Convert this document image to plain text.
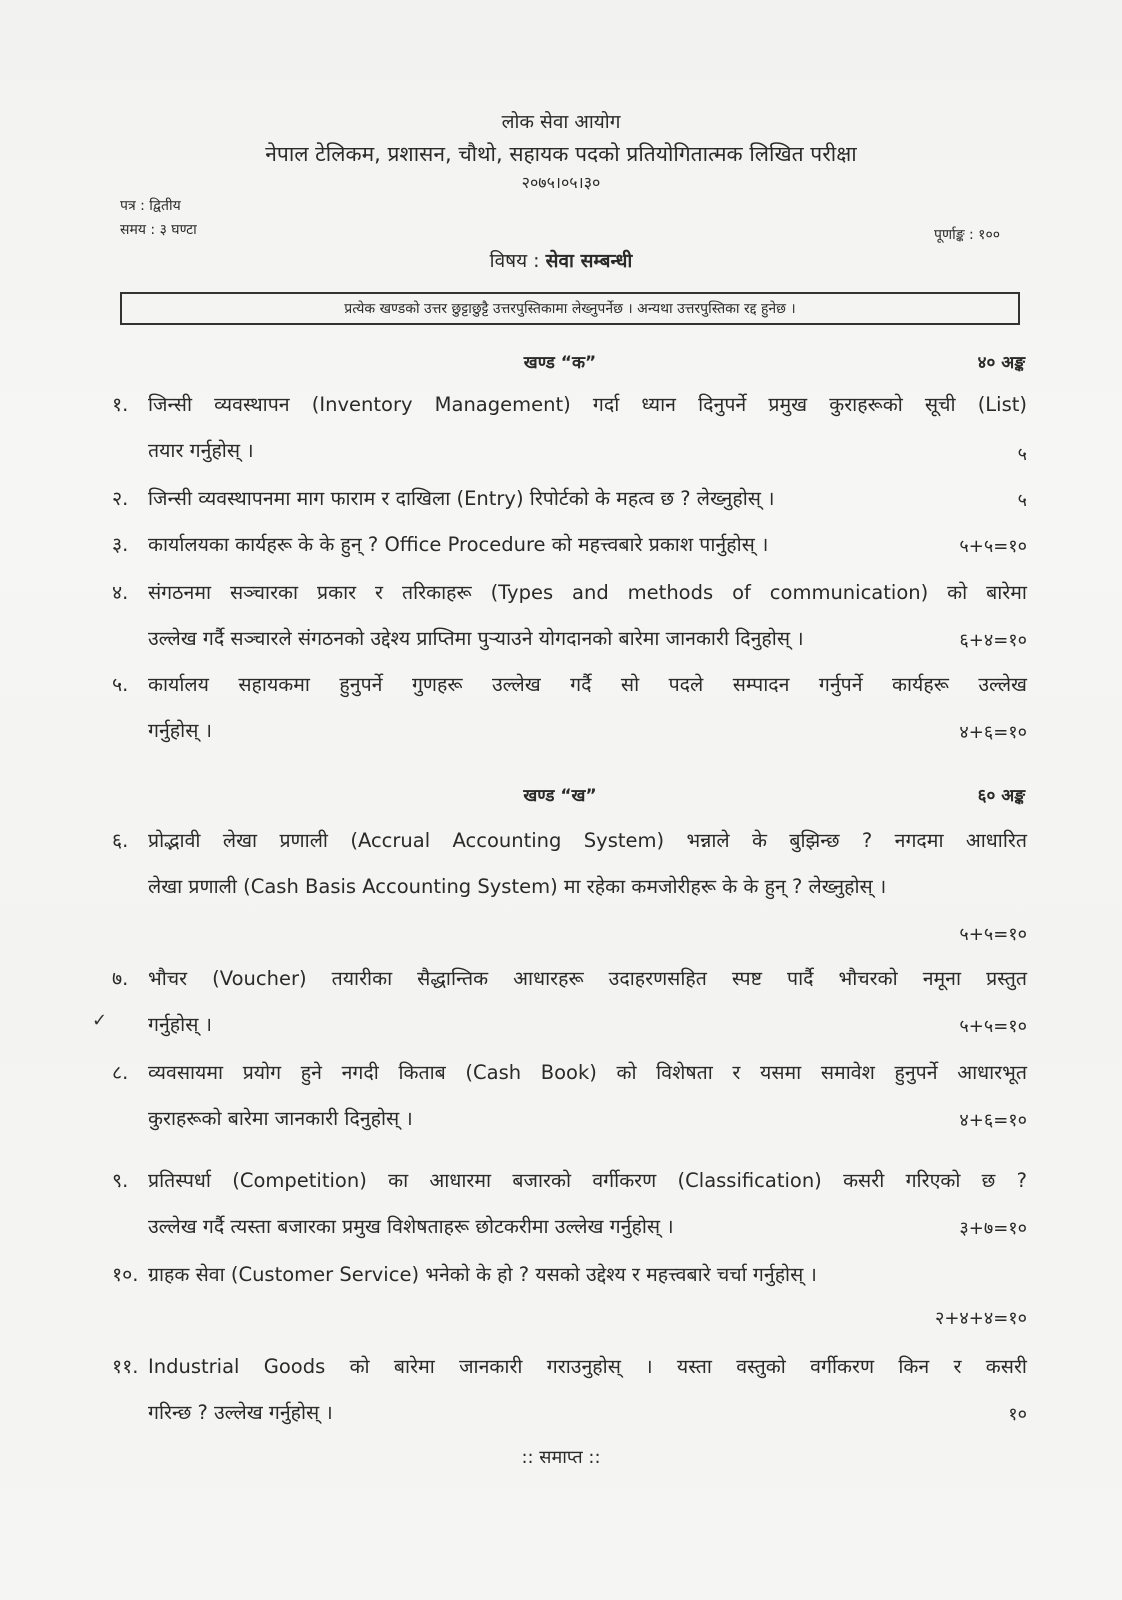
लोक सेवा आयोग
नेपाल टेलिकम, प्रशासन, चौथो, सहायक पदको प्रतियोगितात्मक लिखित परीक्षा
२०७५।०५।३०
पत्र : द्वितीय
समय : ३ घण्टा	पूर्णाङ्क : १००
विषय : सेवा सम्बन्धी
प्रत्येक खण्डको उत्तर छुट्टाछुट्टै उत्तरपुस्तिकामा लेख्नुपर्नेछ । अन्यथा उत्तरपुस्तिका रद्द हुनेछ ।
खण्ड “क”	४० अङ्क
१.	जिन्सी व्यवस्थापन (Inventory Management) गर्दा ध्यान दिनुपर्ने प्रमुख कुराहरूको सूची (List)
तयार गर्नुहोस् ।	५
२.	जिन्सी व्यवस्थापनमा माग फाराम र दाखिला (Entry) रिपोर्टको के महत्व छ ? लेख्नुहोस् ।	५
३.	कार्यालयका कार्यहरू के के हुन् ? Office Procedure को महत्त्वबारे प्रकाश पार्नुहोस् ।	५+५=१०
४.	संगठनमा सञ्चारका प्रकार र तरिकाहरू (Types and methods of communication) को बारेमा
उल्लेख गर्दै सञ्चारले संगठनको उद्देश्य प्राप्तिमा पुऱ्याउने योगदानको बारेमा जानकारी दिनुहोस् ।	६+४=१०
५.	कार्यालय सहायकमा हुनुपर्ने गुणहरू उल्लेख गर्दै सो पदले सम्पादन गर्नुपर्ने कार्यहरू उल्लेख
गर्नुहोस् ।	४+६=१०
खण्ड “ख”	६० अङ्क
६.	प्रोद्भावी लेखा प्रणाली (Accrual Accounting System) भन्नाले के बुझिन्छ ? नगदमा आधारित
लेखा प्रणाली (Cash Basis Accounting System) मा रहेका कमजोरीहरू के के हुन् ? लेख्नुहोस् ।
५+५=१०
७.	भौचर (Voucher) तयारीका सैद्धान्तिक आधारहरू उदाहरणसहित स्पष्ट पार्दै भौचरको नमूना प्रस्तुत
गर्नुहोस् ।	५+५=१०
✓
८.	व्यवसायमा प्रयोग हुने नगदी किताब (Cash Book) को विशेषता र यसमा समावेश हुनुपर्ने आधारभूत
कुराहरूको बारेमा जानकारी दिनुहोस् ।	४+६=१०
९.	प्रतिस्पर्धा (Competition) का आधारमा बजारको वर्गीकरण (Classification) कसरी गरिएको छ ?
उल्लेख गर्दै त्यस्ता बजारका प्रमुख विशेषताहरू छोटकरीमा उल्लेख गर्नुहोस् ।	३+७=१०
१०. ग्राहक सेवा (Customer Service) भनेको के हो ? यसको उद्देश्य र महत्त्वबारे चर्चा गर्नुहोस् ।
२+४+४=१०
११. Industrial Goods को बारेमा जानकारी गराउनुहोस् । यस्ता वस्तुको वर्गीकरण किन र कसरी
गरिन्छ ? उल्लेख गर्नुहोस् ।	१०
:: समाप्त ::
